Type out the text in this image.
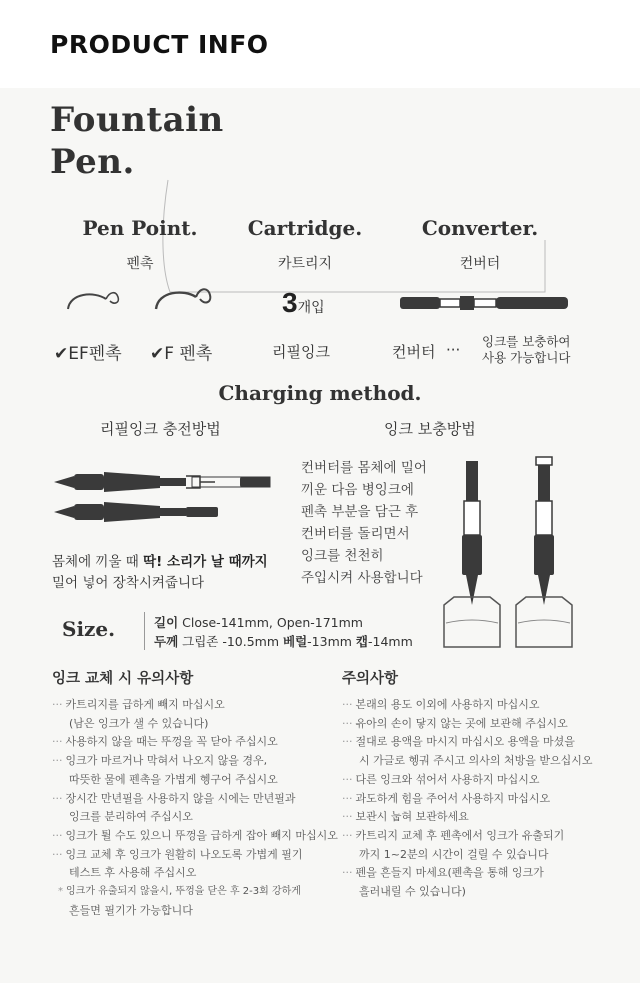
PRODUCT INFO
Fountain
Pen.
Pen Point.	Cartridge.	Converter.
펜촉	카트리지	컨버터
3개입
✔EF펜촉 ✔F 펜촉	리필잉크	컨버터 ··· 잉크를 보충하여
사용 가능합니다
Charging method.
리필잉크 충전방법	잉크 보충방법
몸체에 끼울 때 딱! 소리가 날 때까지
밀어 넣어 장착시켜줍니다
컨버터를 몸체에 밀어
끼운 다음 병잉크에
펜촉 부분을 담근 후
컨버터를 돌리면서
잉크를 천천히
주입시켜 사용합니다
Size.	길이 Close-141mm, Open-171mm
두께 그립존 -10.5mm 베럴-13mm 캡-14mm
잉크 교체 시 유의사항
··· 카트리지를 급하게 빼지 마십시오
(남은 잉크가 샐 수 있습니다)
··· 사용하지 않을 때는 뚜껑을 꼭 닫아 주십시오
··· 잉크가 마르거나 막혀서 나오지 않을 경우,
따뜻한 물에 펜촉을 가볍게 헹구어 주십시오
··· 장시간 만년필을 사용하지 않을 시에는 만년필과
잉크를 분리하여 주십시오
··· 잉크가 튈 수도 있으니 뚜껑을 급하게 잡아 빼지 마십시오
··· 잉크 교체 후 잉크가 원활히 나오도록 가볍게 필기
테스트 후 사용해 주십시오
* 잉크가 유출되지 않을시, 뚜껑을 닫은 후 2-3회 강하게
흔들면 필기가 가능합니다
주의사항
··· 본래의 용도 이외에 사용하지 마십시오
··· 유아의 손이 닿지 않는 곳에 보관해 주십시오
··· 절대로 용액을 마시지 마십시오 용액을 마셨을
시 가글로 헹궈 주시고 의사의 처방을 받으십시오
··· 다른 잉크와 섞어서 사용하지 마십시오
··· 과도하게 힘을 주어서 사용하지 마십시오
··· 보관시 눕혀 보관하세요
··· 카트리지 교체 후 펜촉에서 잉크가 유출되기
까지 1~2분의 시간이 걸릴 수 있습니다
··· 펜을 흔들지 마세요(펜촉을 통해 잉크가
흘러내릴 수 있습니다)
